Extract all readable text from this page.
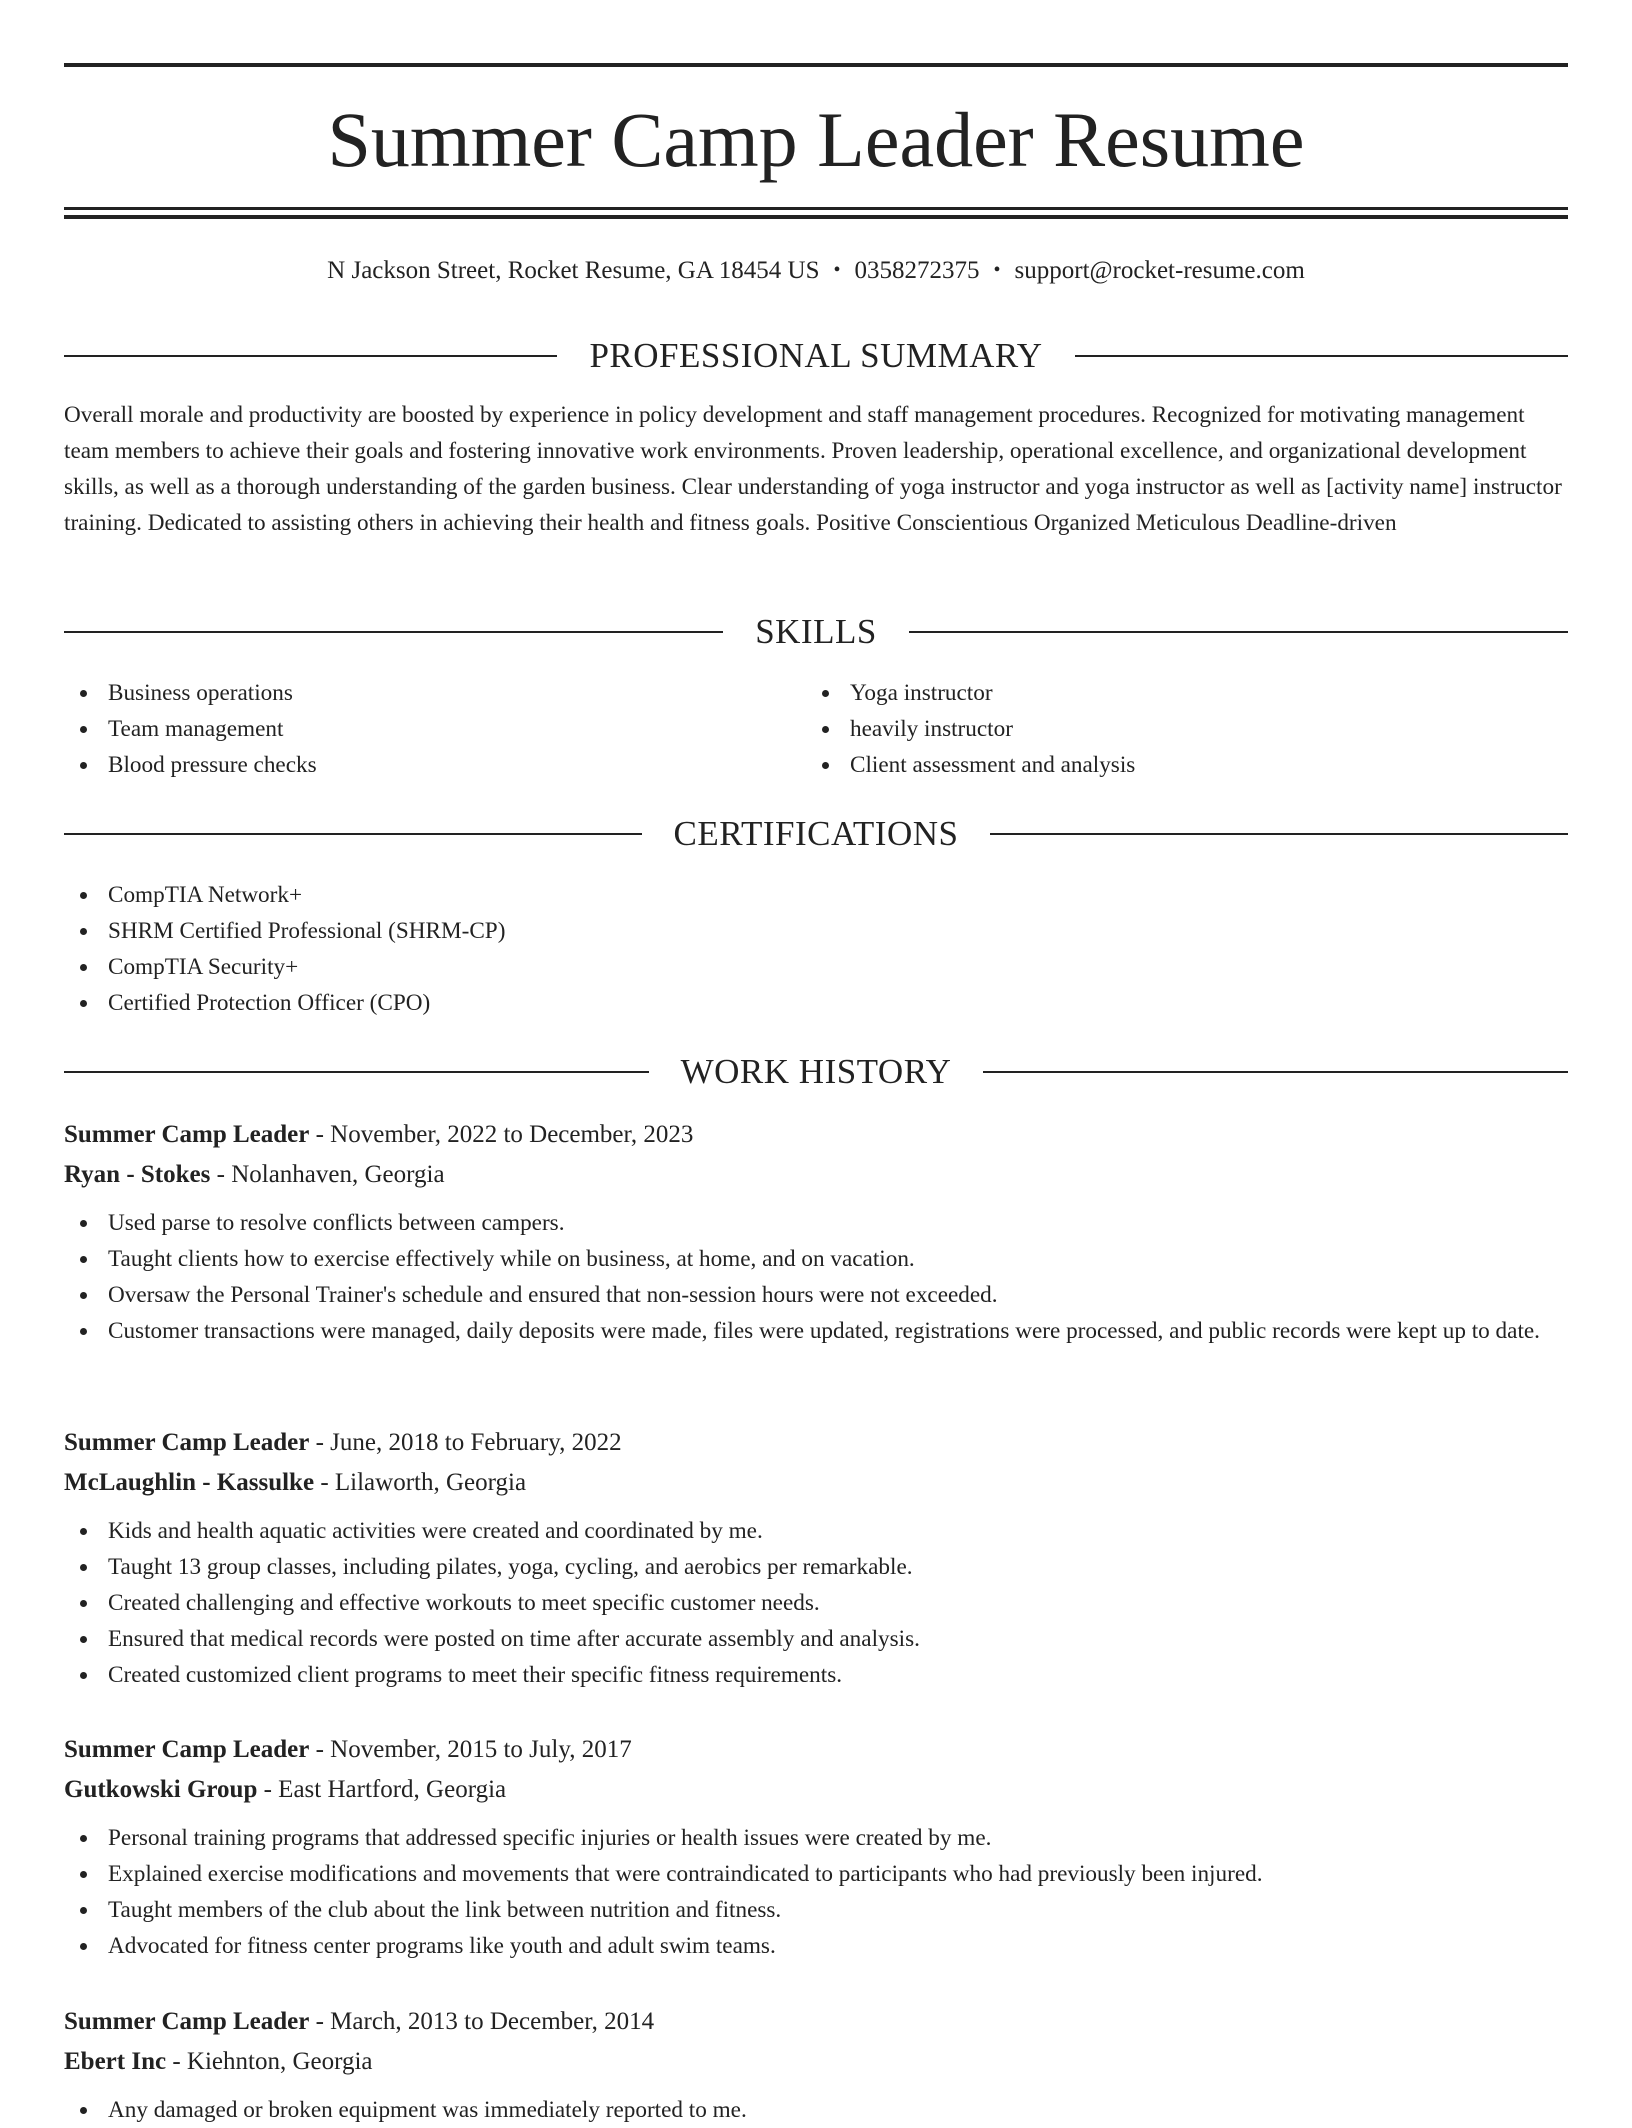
Summer Camp Leader Resume
N Jackson Street, Rocket Resume, GA 18454 US • 0358272375 • support@rocket-resume.com
PROFESSIONAL SUMMARY

Overall morale and productivity are boosted by experience in policy development and staff management procedures. Recognized for motivating management team members to achieve their goals and fostering innovative work environments. Proven leadership, operational excellence, and organizational development skills, as well as a thorough understanding of the garden business. Clear understanding of yoga instructor and yoga instructor as well as [activity name] instructor training. Dedicated to assisting others in achieving their health and fitness goals. Positive Conscientious Organized Meticulous Deadline-driven

SKILLS
Business operations
Team management
Blood pressure checks
Yoga instructor
heavily instructor
Client assessment and analysis
CERTIFICATIONS
CompTIA Network+
SHRM Certified Professional (SHRM-CP)
CompTIA Security+
Certified Protection Officer (CPO)
WORK HISTORY
Summer Camp Leader - November, 2022 to December, 2023
Ryan - Stokes - Nolanhaven, Georgia
Used parse to resolve conflicts between campers.
Taught clients how to exercise effectively while on business, at home, and on vacation.
Oversaw the Personal Trainer's schedule and ensured that non-session hours were not exceeded.
Customer transactions were managed, daily deposits were made, files were updated, registrations were processed, and public records were kept up to date.
Summer Camp Leader - June, 2018 to February, 2022
McLaughlin - Kassulke - Lilaworth, Georgia
Kids and health aquatic activities were created and coordinated by me.
Taught 13 group classes, including pilates, yoga, cycling, and aerobics per remarkable.
Created challenging and effective workouts to meet specific customer needs.
Ensured that medical records were posted on time after accurate assembly and analysis.
Created customized client programs to meet their specific fitness requirements.
Summer Camp Leader - November, 2015 to July, 2017
Gutkowski Group - East Hartford, Georgia
Personal training programs that addressed specific injuries or health issues were created by me.
Explained exercise modifications and movements that were contraindicated to participants who had previously been injured.
Taught members of the club about the link between nutrition and fitness.
Advocated for fitness center programs like youth and adult swim teams.
Summer Camp Leader - March, 2013 to December, 2014
Ebert Inc - Kiehnton, Georgia
Any damaged or broken equipment was immediately reported to me.
